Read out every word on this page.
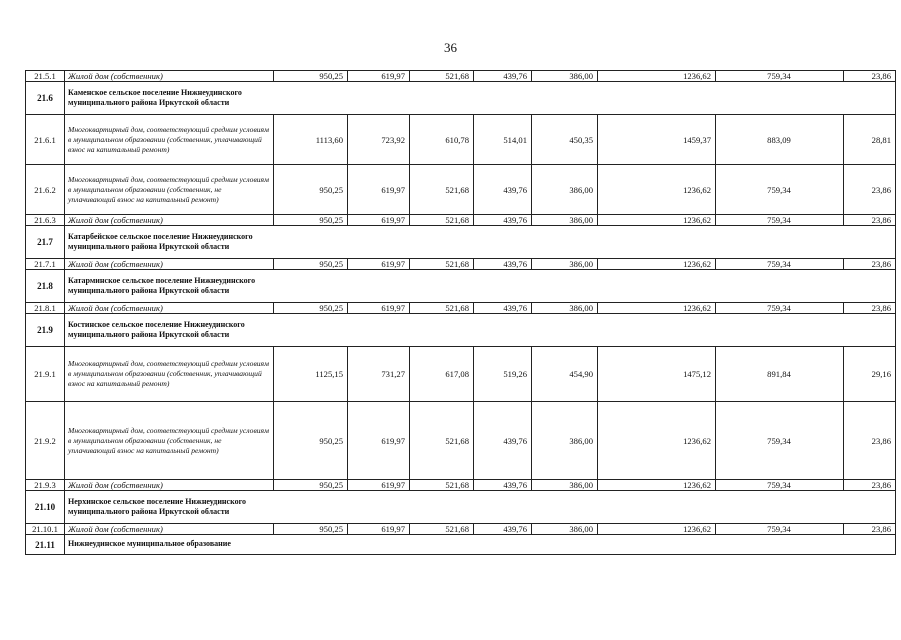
36
21.5.1	Жилой дом (собственник)	950,25	619,97	521,68	439,76	386,00	1236,62	759,34	23,86
21.6	Каменское сельское поселение Нижнеудинского муниципального района Иркутской области								
21.6.1	Многоквартирный дом, соответствующий средним условиям в муниципальном образовании (собственник, уплачивающий взнос на капитальный ремонт)	1113,60	723,92	610,78	514,01	450,35	1459,37	883,09	28,81
21.6.2	Многоквартирный дом, соответствующий средним условиям в муниципальном образовании (собственник, не уплачивающий взнос на капитальный ремонт)	950,25	619,97	521,68	439,76	386,00	1236,62	759,34	23,86
21.6.3	Жилой дом (собственник)	950,25	619,97	521,68	439,76	386,00	1236,62	759,34	23,86
21.7	Катарбейское сельское поселение Нижнеудинского муниципального района Иркутской области								
21.7.1	Жилой дом (собственник)	950,25	619,97	521,68	439,76	386,00	1236,62	759,34	23,86
21.8	Катарминское сельское поселение Нижнеудинского муниципального района Иркутской области								
21.8.1	Жилой дом (собственник)	950,25	619,97	521,68	439,76	386,00	1236,62	759,34	23,86
21.9	Костинское сельское поселение Нижнеудинского муниципального района Иркутской области								
21.9.1	Многоквартирный дом, соответствующий средним условиям в муниципальном образовании (собственник, уплачивающий взнос на капитальный ремонт)	1125,15	731,27	617,08	519,26	454,90	1475,12	891,84	29,16
21.9.2	Многоквартирный дом, соответствующий средним условиям в муниципальном образовании (собственник, не уплачивающий взнос на капитальный ремонт)	950,25	619,97	521,68	439,76	386,00	1236,62	759,34	23,86
21.9.3	Жилой дом (собственник)	950,25	619,97	521,68	439,76	386,00	1236,62	759,34	23,86
21.10	Нерхинское сельское поселение Нижнеудинского муниципального района Иркутской области								
21.10.1	Жилой дом (собственник)	950,25	619,97	521,68	439,76	386,00	1236,62	759,34	23,86
21.11	Нижнеудинское муниципальное образование								
